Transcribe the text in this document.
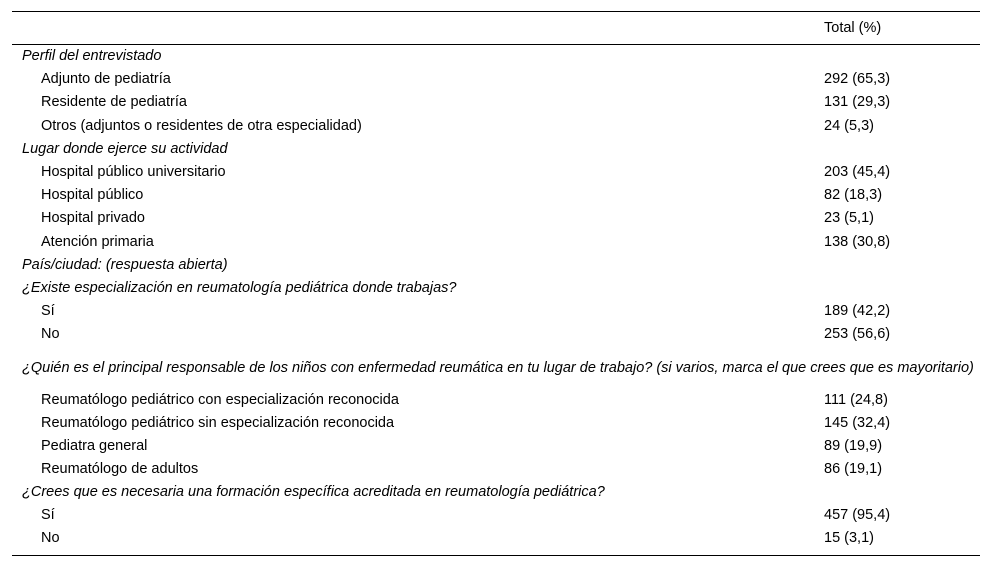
	Total (%)
Perfil del entrevistado	
Adjunto de pediatría	292 (65,3)
Residente de pediatría	131 (29,3)
Otros (adjuntos o residentes de otra especialidad)	24 (5,3)
Lugar donde ejerce su actividad	
Hospital público universitario	203 (45,4)
Hospital público	82 (18,3)
Hospital privado	23 (5,1)
Atención primaria	138 (30,8)
País/ciudad: (respuesta abierta)	
¿Existe especialización en reumatología pediátrica donde trabajas?	
Sí	189 (42,2)
No	253 (56,6)
¿Quién es el principal responsable de los niños con enfermedad reumática en tu lugar de trabajo? (si varios, marca el que crees que es mayoritario)	
Reumatólogo pediátrico con especialización reconocida	111 (24,8)
Reumatólogo pediátrico sin especialización reconocida	145 (32,4)
Pediatra general	89 (19,9)
Reumatólogo de adultos	86 (19,1)
¿Crees que es necesaria una formación específica acreditada en reumatología pediátrica?	
Sí	457 (95,4)
No	15 (3,1)
